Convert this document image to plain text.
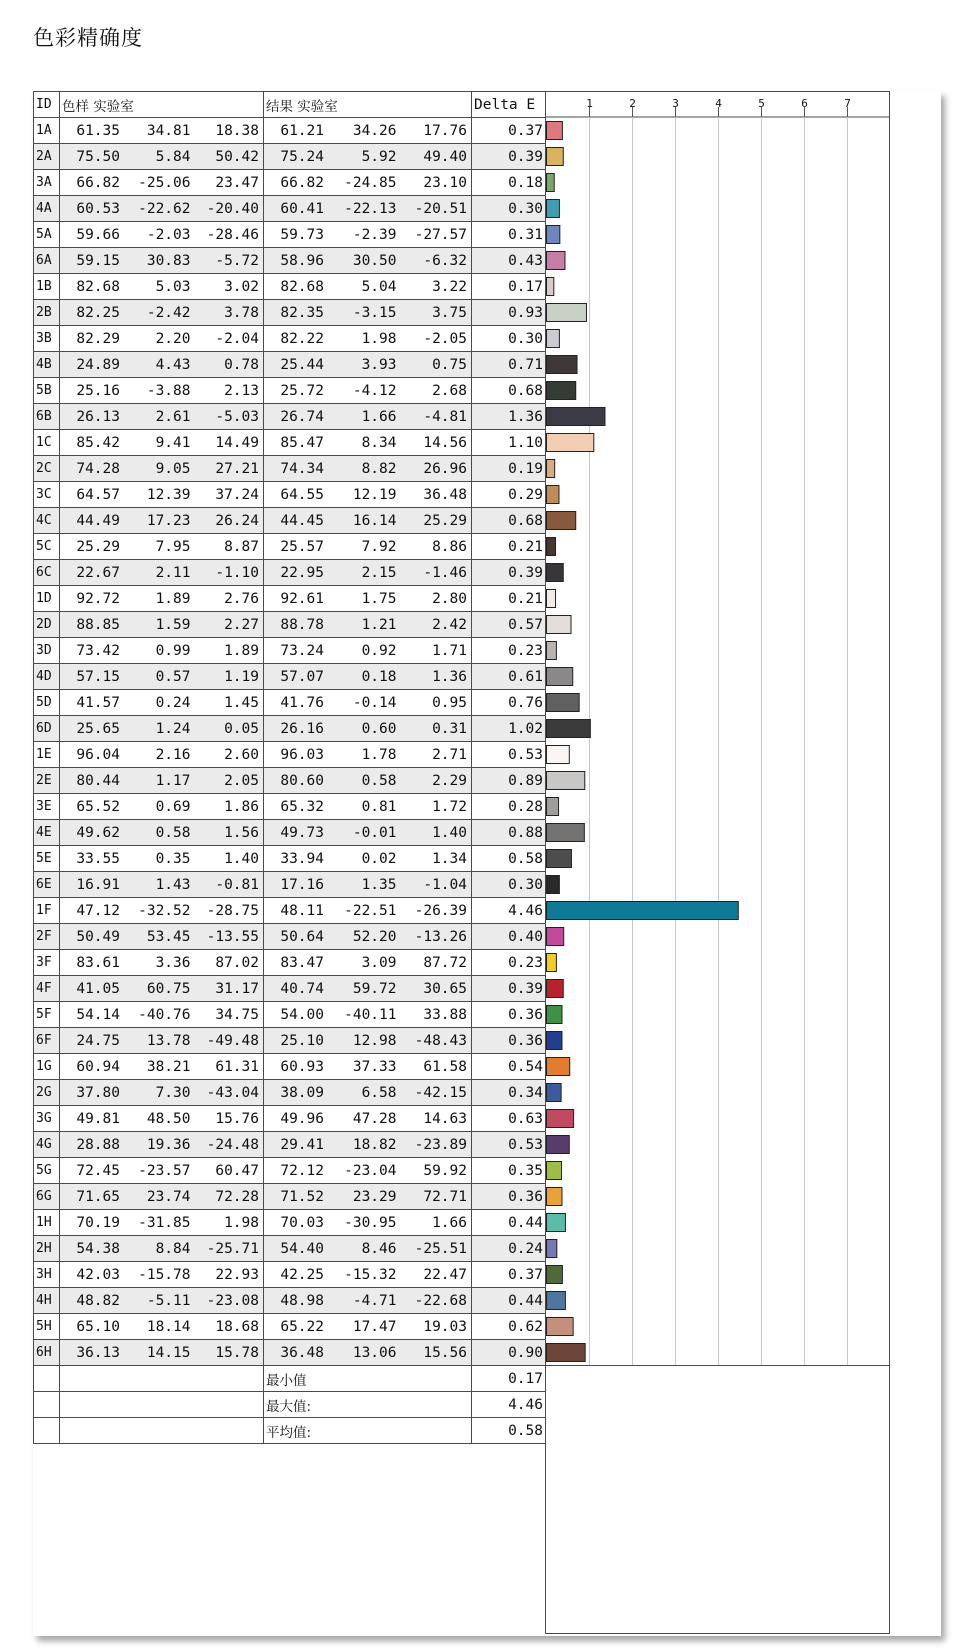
色彩精确度
ID	色样 实验室	结果 实验室	Delta E
1A	61.35 34.81 18.38	61.21 34.26 17.76	0.37
2A	75.50 5.84 50.42	75.24 5.92 49.40	0.39
3A	66.82 -25.06 23.47	66.82 -24.85 23.10	0.18
4A	60.53 -22.62 -20.40	60.41 -22.13 -20.51	0.30
5A	59.66 -2.03 -28.46	59.73 -2.39 -27.57	0.31
6A	59.15 30.83 -5.72	58.96 30.50 -6.32	0.43
1B	82.68 5.03 3.02	82.68 5.04 3.22	0.17
2B	82.25 -2.42 3.78	82.35 -3.15 3.75	0.93
3B	82.29 2.20 -2.04	82.22 1.98 -2.05	0.30
4B	24.89 4.43 0.78	25.44 3.93 0.75	0.71
5B	25.16 -3.88 2.13	25.72 -4.12 2.68	0.68
6B	26.13 2.61 -5.03	26.74 1.66 -4.81	1.36
1C	85.42 9.41 14.49	85.47 8.34 14.56	1.10
2C	74.28 9.05 27.21	74.34 8.82 26.96	0.19
3C	64.57 12.39 37.24	64.55 12.19 36.48	0.29
4C	44.49 17.23 26.24	44.45 16.14 25.29	0.68
5C	25.29 7.95 8.87	25.57 7.92 8.86	0.21
6C	22.67 2.11 -1.10	22.95 2.15 -1.46	0.39
1D	92.72 1.89 2.76	92.61 1.75 2.80	0.21
2D	88.85 1.59 2.27	88.78 1.21 2.42	0.57
3D	73.42 0.99 1.89	73.24 0.92 1.71	0.23
4D	57.15 0.57 1.19	57.07 0.18 1.36	0.61
5D	41.57 0.24 1.45	41.76 -0.14 0.95	0.76
6D	25.65 1.24 0.05	26.16 0.60 0.31	1.02
1E	96.04 2.16 2.60	96.03 1.78 2.71	0.53
2E	80.44 1.17 2.05	80.60 0.58 2.29	0.89
3E	65.52 0.69 1.86	65.32 0.81 1.72	0.28
4E	49.62 0.58 1.56	49.73 -0.01 1.40	0.88
5E	33.55 0.35 1.40	33.94 0.02 1.34	0.58
6E	16.91 1.43 -0.81	17.16 1.35 -1.04	0.30
1F	47.12 -32.52 -28.75	48.11 -22.51 -26.39	4.46
2F	50.49 53.45 -13.55	50.64 52.20 -13.26	0.40
3F	83.61 3.36 87.02	83.47 3.09 87.72	0.23
4F	41.05 60.75 31.17	40.74 59.72 30.65	0.39
5F	54.14 -40.76 34.75	54.00 -40.11 33.88	0.36
6F	24.75 13.78 -49.48	25.10 12.98 -48.43	0.36
1G	60.94 38.21 61.31	60.93 37.33 61.58	0.54
2G	37.80 7.30 -43.04	38.09 6.58 -42.15	0.34
3G	49.81 48.50 15.76	49.96 47.28 14.63	0.63
4G	28.88 19.36 -24.48	29.41 18.82 -23.89	0.53
5G	72.45 -23.57 60.47	72.12 -23.04 59.92	0.35
6G	71.65 23.74 72.28	71.52 23.29 72.71	0.36
1H	70.19 -31.85 1.98	70.03 -30.95 1.66	0.44
2H	54.38 8.84 -25.71	54.40 8.46 -25.51	0.24
3H	42.03 -15.78 22.93	42.25 -15.32 22.47	0.37
4H	48.82 -5.11 -23.08	48.98 -4.71 -22.68	0.44
5H	65.10 18.14 18.68	65.22 17.47 19.03	0.62
6H	36.13 14.15 15.78	36.48 13.06 15.56	0.90
		最小值	0.17
		最大值:	4.46
		平均值:	0.58
1	2	3	4	5	6	7
